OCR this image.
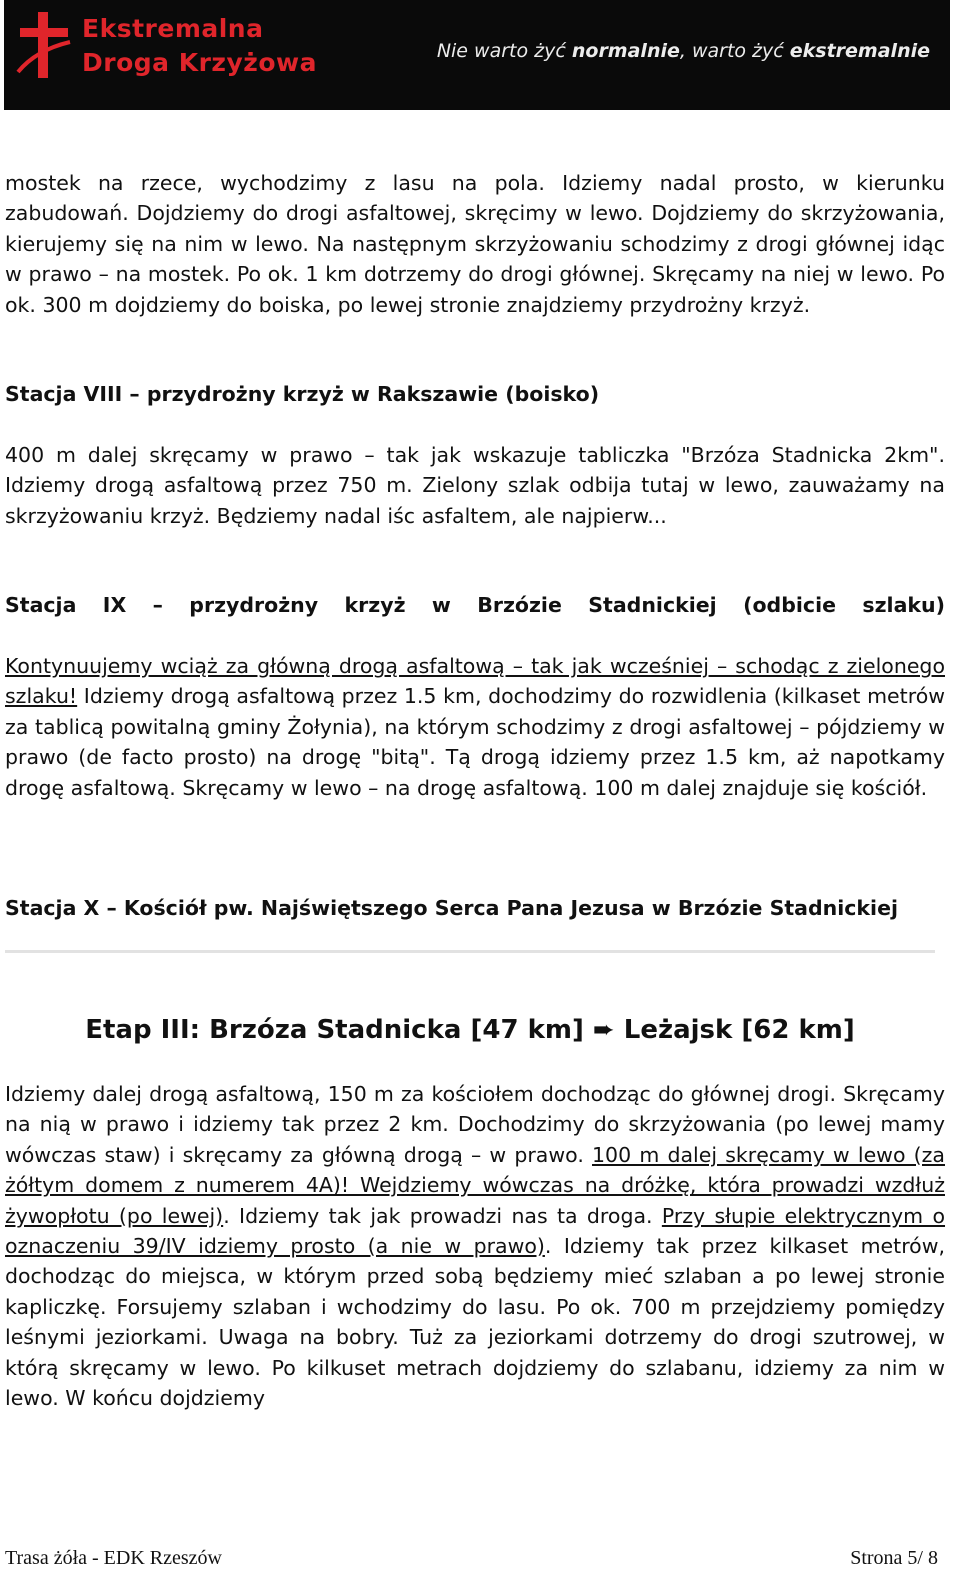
Ekstremalna
Droga Krzyżowa	Nie warto żyć normalnie, warto żyć ekstremalnie

mostek na rzece, wychodzimy z lasu na pola. Idziemy nadal prosto, w kierunku zabudowań. Dojdziemy do drogi asfaltowej, skręcimy w lewo. Dojdziemy do skrzyżowania, kierujemy się na nim w lewo. Na następnym skrzyżowaniu schodzimy z drogi głównej idąc w prawo – na mostek. Po ok. 1 km dotrzemy do drogi głównej. Skręcamy na niej w lewo. Po ok. 300 m dojdziemy do boiska, po lewej stronie znajdziemy przydrożny krzyż.

Stacja VIII – przydrożny krzyż w Rakszawie (boisko)

400 m dalej skręcamy w prawo – tak jak wskazuje tabliczka "Brzóza Stadnicka 2km". Idziemy drogą asfaltową przez 750 m. Zielony szlak odbija tutaj w lewo, zauważamy na skrzyżowaniu krzyż. Będziemy nadal iśc asfaltem, ale najpierw...

Stacja IX – przydrożny krzyż w Brzózie Stadnickiej (odbicie szlaku)

Kontynuujemy wciąż za główną drogą asfaltową – tak jak wcześniej – schodąc z zielonego szlaku! Idziemy drogą asfaltową przez 1.5 km, dochodzimy do rozwidlenia (kilkaset metrów za tablicą powitalną gminy Żołynia), na którym schodzimy z drogi asfaltowej – pójdziemy w prawo (de facto prosto) na drogę "bitą". Tą drogą idziemy przez 1.5 km, aż napotkamy drogę asfaltową. Skręcamy w lewo – na drogę asfaltową. 100 m dalej znajduje się kościół.

Stacja X – Kościół pw. Najświętszego Serca Pana Jezusa w Brzózie Stadnickiej

Etap III: Brzóza Stadnicka [47 km] ➨ Leżajsk [62 km]

Idziemy dalej drogą asfaltową, 150 m za kościołem dochodząc do głównej drogi. Skręcamy na nią w prawo i idziemy tak przez 2 km. Dochodzimy do skrzyżowania (po lewej mamy wówczas staw) i skręcamy za główną drogą – w prawo. 100 m dalej skręcamy w lewo (za żółtym domem z numerem 4A)! Wejdziemy wówczas na dróżkę, która prowadzi wzdłuż żywopłotu (po lewej). Idziemy tak jak prowadzi nas ta droga. Przy słupie elektrycznym o oznaczeniu 39/IV idziemy prosto (a nie w prawo). Idziemy tak przez kilkaset metrów, dochodząc do miejsca, w którym przed sobą będziemy mieć szlaban a po lewej stronie kapliczkę. Forsujemy szlaban i wchodzimy do lasu. Po ok. 700 m przejdziemy pomiędzy leśnymi jeziorkami. Uwaga na bobry. Tuż za jeziorkami dotrzemy do drogi szutrowej, w którą skręcamy w lewo. Po kilkuset metrach dojdziemy do szlabanu, idziemy za nim w lewo. W końcu dojdziemy

Trasa żóła - EDK Rzeszów	Strona 5/ 8
